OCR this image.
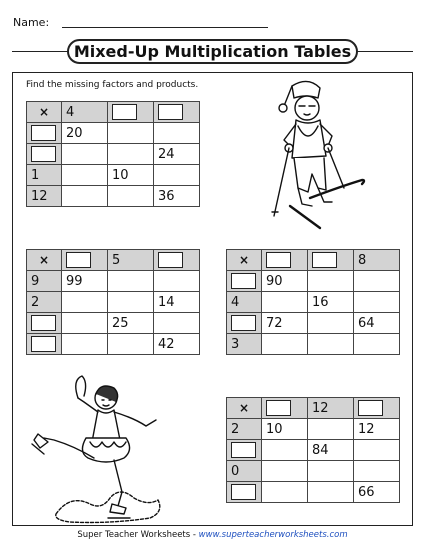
Name:
Mixed-Up Multiplication Tables
Find the missing factors and products.
×	4		
	20		
			24
1		10	
12			36
×		5	
9	99		
2			14
		25	
			42
×			8
	90		
4		16	
	72		64
3			
×		12	
2	10		12
		84	
0			
			66
Super Teacher Worksheets - www.superteacherworksheets.com
